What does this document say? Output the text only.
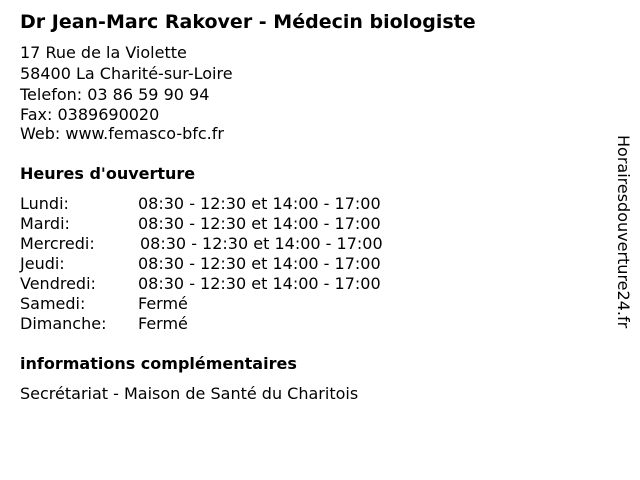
Dr Jean-Marc Rakover - Médecin biologiste
17 Rue de la Violette
58400 La Charité-sur-Loire
Telefon: 03 86 59 90 94
Fax: 0389690020
Web: www.femasco-bfc.fr
Heures d'ouverture
Lundi:	08:30 - 12:30 et 14:00 - 17:00
Mardi:	08:30 - 12:30 et 14:00 - 17:00
Mercredi:	08:30 - 12:30 et 14:00 - 17:00
Jeudi:	08:30 - 12:30 et 14:00 - 17:00
Vendredi:	08:30 - 12:30 et 14:00 - 17:00
Samedi:	Fermé
Dimanche: Fermé
informations complémentaires
Secrétariat - Maison de Santé du Charitois
Horairesdouverture24.fr
